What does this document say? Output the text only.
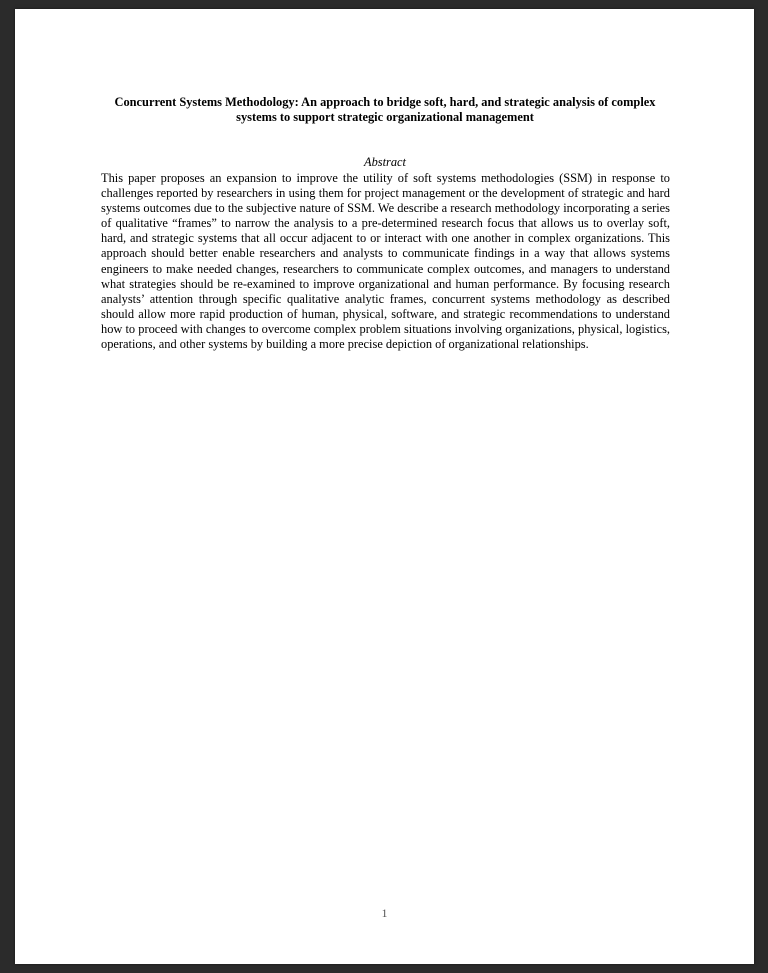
Concurrent Systems Methodology: An approach to bridge soft, hard, and strategic analysis of complex systems to support strategic organizational management
Abstract

This paper proposes an expansion to improve the utility of soft systems methodologies (SSM) in response to challenges reported by researchers in using them for project management or the development of strategic and hard systems outcomes due to the subjective nature of SSM. We describe a research methodology incorporating a series of qualitative “frames” to narrow the analysis to a pre-determined research focus that allows us to overlay soft, hard, and strategic systems that all occur adjacent to or interact with one another in complex organizations. This approach should better enable researchers and analysts to communicate findings in a way that allows systems engineers to make needed changes, researchers to communicate complex outcomes, and managers to understand what strategies should be re-examined to improve organizational and human performance. By focusing research analysts’ attention through specific qualitative analytic frames, concurrent systems methodology as described should allow more rapid production of human, physical, software, and strategic recommendations to understand how to proceed with changes to overcome complex problem situations involving organizations, physical, logistics, operations, and other systems by building a more precise depiction of organizational relationships.

1
